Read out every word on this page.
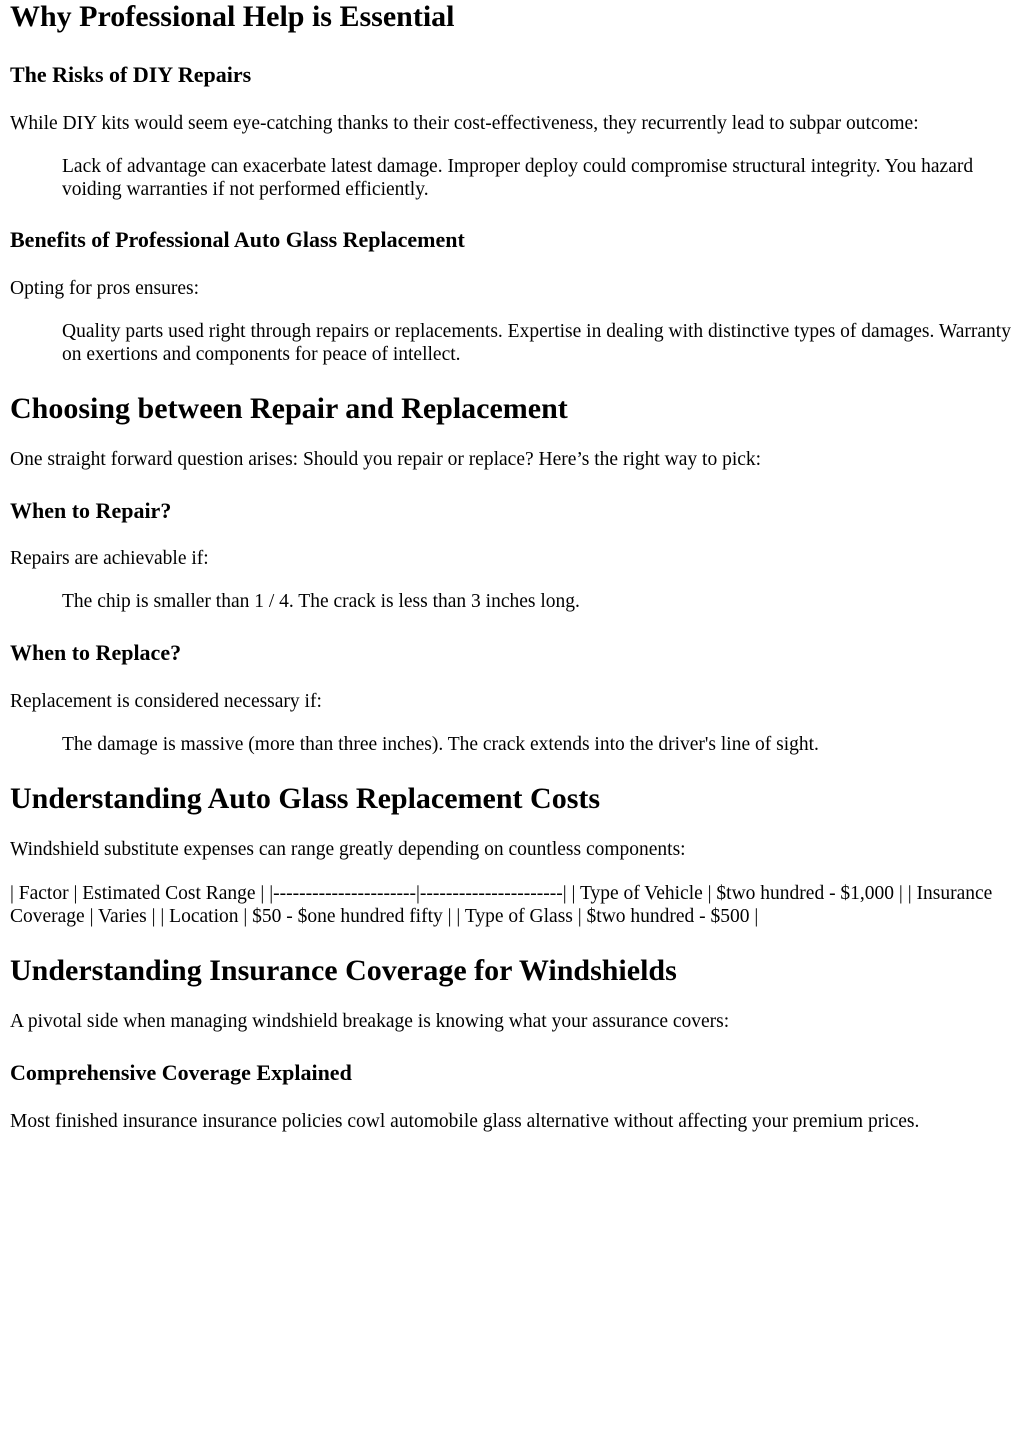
Why Professional Help is Essential
The Risks of DIY Repairs

While DIY kits would seem eye-catching thanks to their cost-effectiveness, they recurrently lead to subpar outcome:

Lack of advantage can exacerbate latest damage. Improper deploy could compromise structural integrity. You hazard voiding warranties if not performed efficiently.
Benefits of Professional Auto Glass Replacement

Opting for pros ensures:

Quality parts used right through repairs or replacements. Expertise in dealing with distinctive types of damages. Warranty on exertions and components for peace of intellect.
Choosing between Repair and Replacement

One straight forward question arises: Should you repair or replace? Here’s the right way to pick:

When to Repair?

Repairs are achievable if:

The chip is smaller than 1 / 4. The crack is less than 3 inches long.
When to Replace?

Replacement is considered necessary if:

The damage is massive (more than three inches). The crack extends into the driver's line of sight.
Understanding Auto Glass Replacement Costs

Windshield substitute expenses can range greatly depending on countless components:

| Factor | Estimated Cost Range | |----------------------|----------------------| | Type of Vehicle | $two hundred - $1,000 | | Insurance Coverage | Varies | | Location | $50 - $one hundred fifty | | Type of Glass | $two hundred - $500 |

Understanding Insurance Coverage for Windshields

A pivotal side when managing windshield breakage is knowing what your assurance covers:

Comprehensive Coverage Explained

Most finished insurance insurance policies cowl automobile glass alternative without affecting your premium prices.
